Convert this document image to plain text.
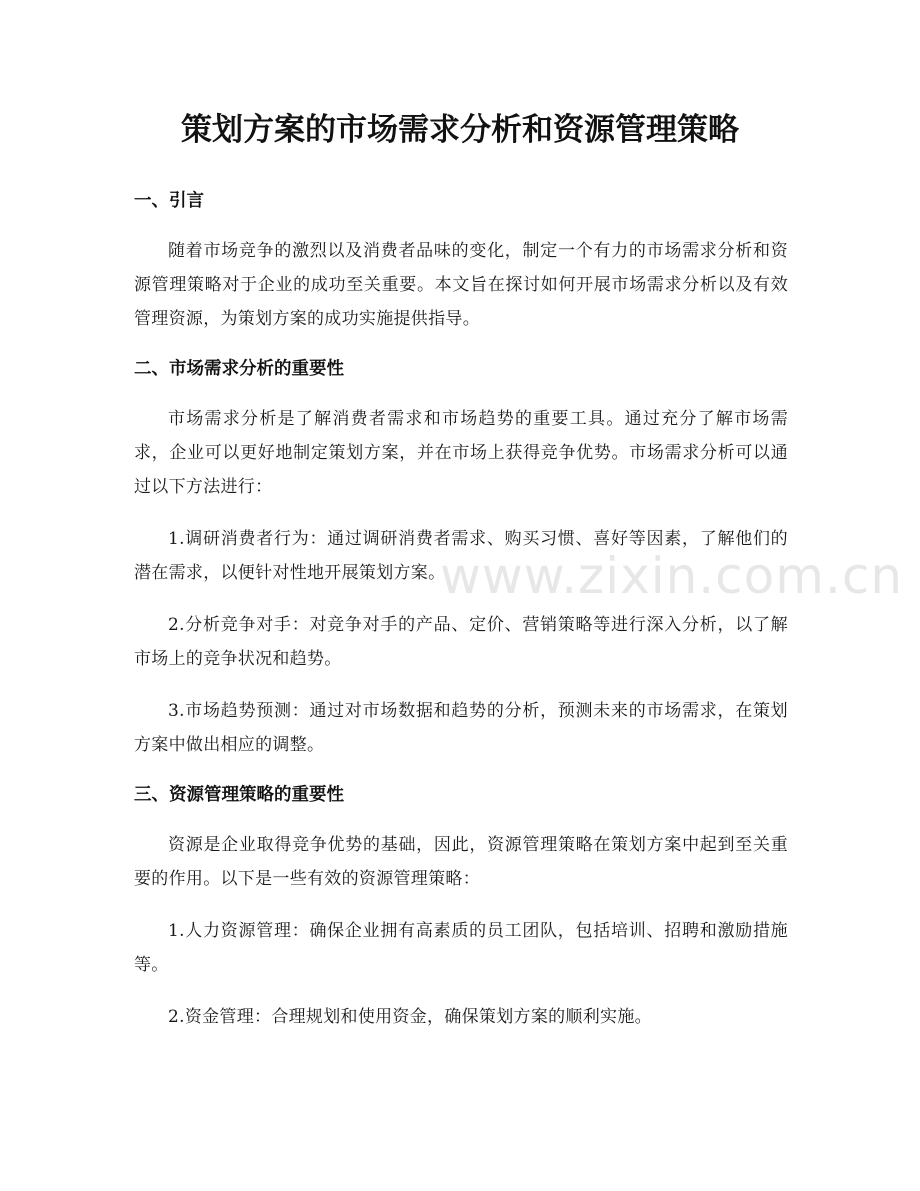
策划方案的市场需求分析和资源管理策略
一、引言

随着市场竞争的激烈以及消费者品味的变化，制定一个有力的市场需求分析和资源管理策略对于企业的成功至关重要。本文旨在探讨如何开展市场需求分析以及有效管理资源，为策划方案的成功实施提供指导。

二、市场需求分析的重要性

市场需求分析是了解消费者需求和市场趋势的重要工具。通过充分了解市场需求，企业可以更好地制定策划方案，并在市场上获得竞争优势。市场需求分析可以通过以下方法进行：

1.调研消费者行为：通过调研消费者需求、购买习惯、喜好等因素，了解他们的潜在需求，以便针对性地开展策划方案。

2.分析竞争对手：对竞争对手的产品、定价、营销策略等进行深入分析，以了解市场上的竞争状况和趋势。

3.市场趋势预测：通过对市场数据和趋势的分析，预测未来的市场需求，在策划方案中做出相应的调整。

三、资源管理策略的重要性

资源是企业取得竞争优势的基础，因此，资源管理策略在策划方案中起到至关重要的作用。以下是一些有效的资源管理策略：

1.人力资源管理：确保企业拥有高素质的员工团队，包括培训、招聘和激励措施等。

2.资金管理：合理规划和使用资金，确保策划方案的顺利实施。

www.zixin.com.cn
